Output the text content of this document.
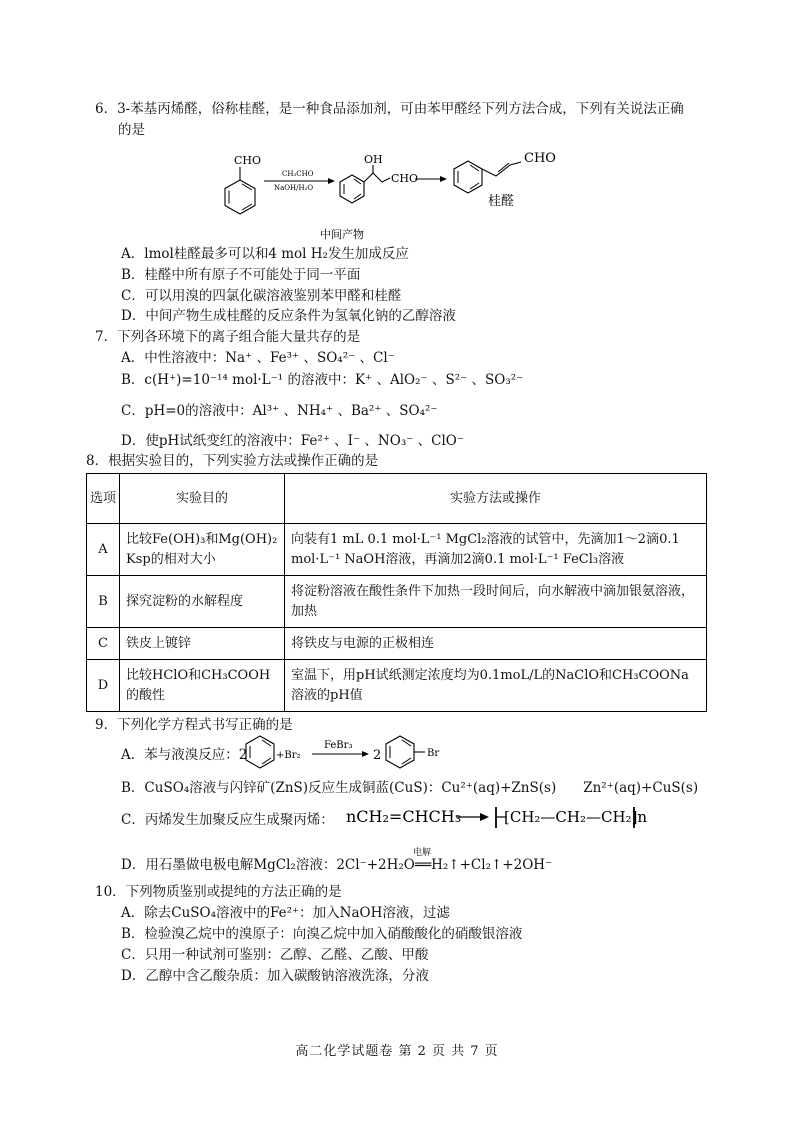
6．3-苯基丙烯醛，俗称桂醛，是一种食品添加剂，可由苯甲醛经下列方法合成，下列有关说法正确
的是
CHO
CH₃CHO
NaOH/H₂O
OH
CHO
CHO
桂醛
中间产物
A．lmol桂醛最多可以和4 mol H₂发生加成反应
B．桂醛中所有原子不可能处于同一平面
C．可以用溴的四氯化碳溶液鉴别苯甲醛和桂醛
D．中间产物生成桂醛的反应条件为氢氧化钠的乙醇溶液
7．下列各环境下的离子组合能大量共存的是
A．中性溶液中：Na⁺ 、Fe³⁺ 、SO₄²⁻ 、Cl⁻
B．c(H⁺)=10⁻¹⁴ mol·L⁻¹ 的溶液中：K⁺ 、AlO₂⁻ 、S²⁻ 、SO₃²⁻
C．pH=0的溶液中：Al³⁺ 、NH₄⁺ 、Ba²⁺ 、SO₄²⁻
D．使pH试纸变红的溶液中：Fe²⁺ 、I⁻ 、NO₃⁻ 、ClO⁻
8．根据实验目的，下列实验方法或操作正确的是
选项	实验目的	实验方法或操作
A	比较Fe(OH)₃和Mg(OH)₂ Ksp的相对大小	向装有1 mL 0.1 mol·L⁻¹ MgCl₂溶液的试管中，先滴加1～2滴0.1 mol·L⁻¹ NaOH溶液，再滴加2滴0.1 mol·L⁻¹ FeCl₃溶液
B	探究淀粉的水解程度	将淀粉溶液在酸性条件下加热一段时间后，向水解液中滴加银氨溶液，加热
C	铁皮上镀锌	将铁皮与电源的正极相连
D	比较HClO和CH₃COOH的酸性	室温下，用pH试纸测定浓度均为0.1moL/L的NaClO和CH₃COONa溶液的pH值
9．下列化学方程式书写正确的是
A．苯与液溴反应：2	+Br₂
FeBr₃
2	Br
B．CuSO₄溶液与闪锌矿(ZnS)反应生成铜蓝(CuS)：Cu²⁺(aq)+ZnS(s)　　Zn²⁺(aq)+CuS(s)
C．丙烯发生加聚反应生成聚丙烯： nCH₂=CHCH₃	[CH₂—CH₂—CH₂]n
D．用石墨做电极电解MgCl₂溶液：2Cl⁻+2H₂O══H₂↑+Cl₂↑+2OH⁻
电解
10．下列物质鉴别或提纯的方法正确的是
A．除去CuSO₄溶液中的Fe²⁺：加入NaOH溶液，过滤
B．检验溴乙烷中的溴原子：向溴乙烷中加入硝酸酸化的硝酸银溶液
C．只用一种试剂可鉴别：乙醇、乙醛、乙酸、甲酸
D．乙醇中含乙酸杂质：加入碳酸钠溶液洗涤，分液
高二化学试题卷 第 2 页 共 7 页
